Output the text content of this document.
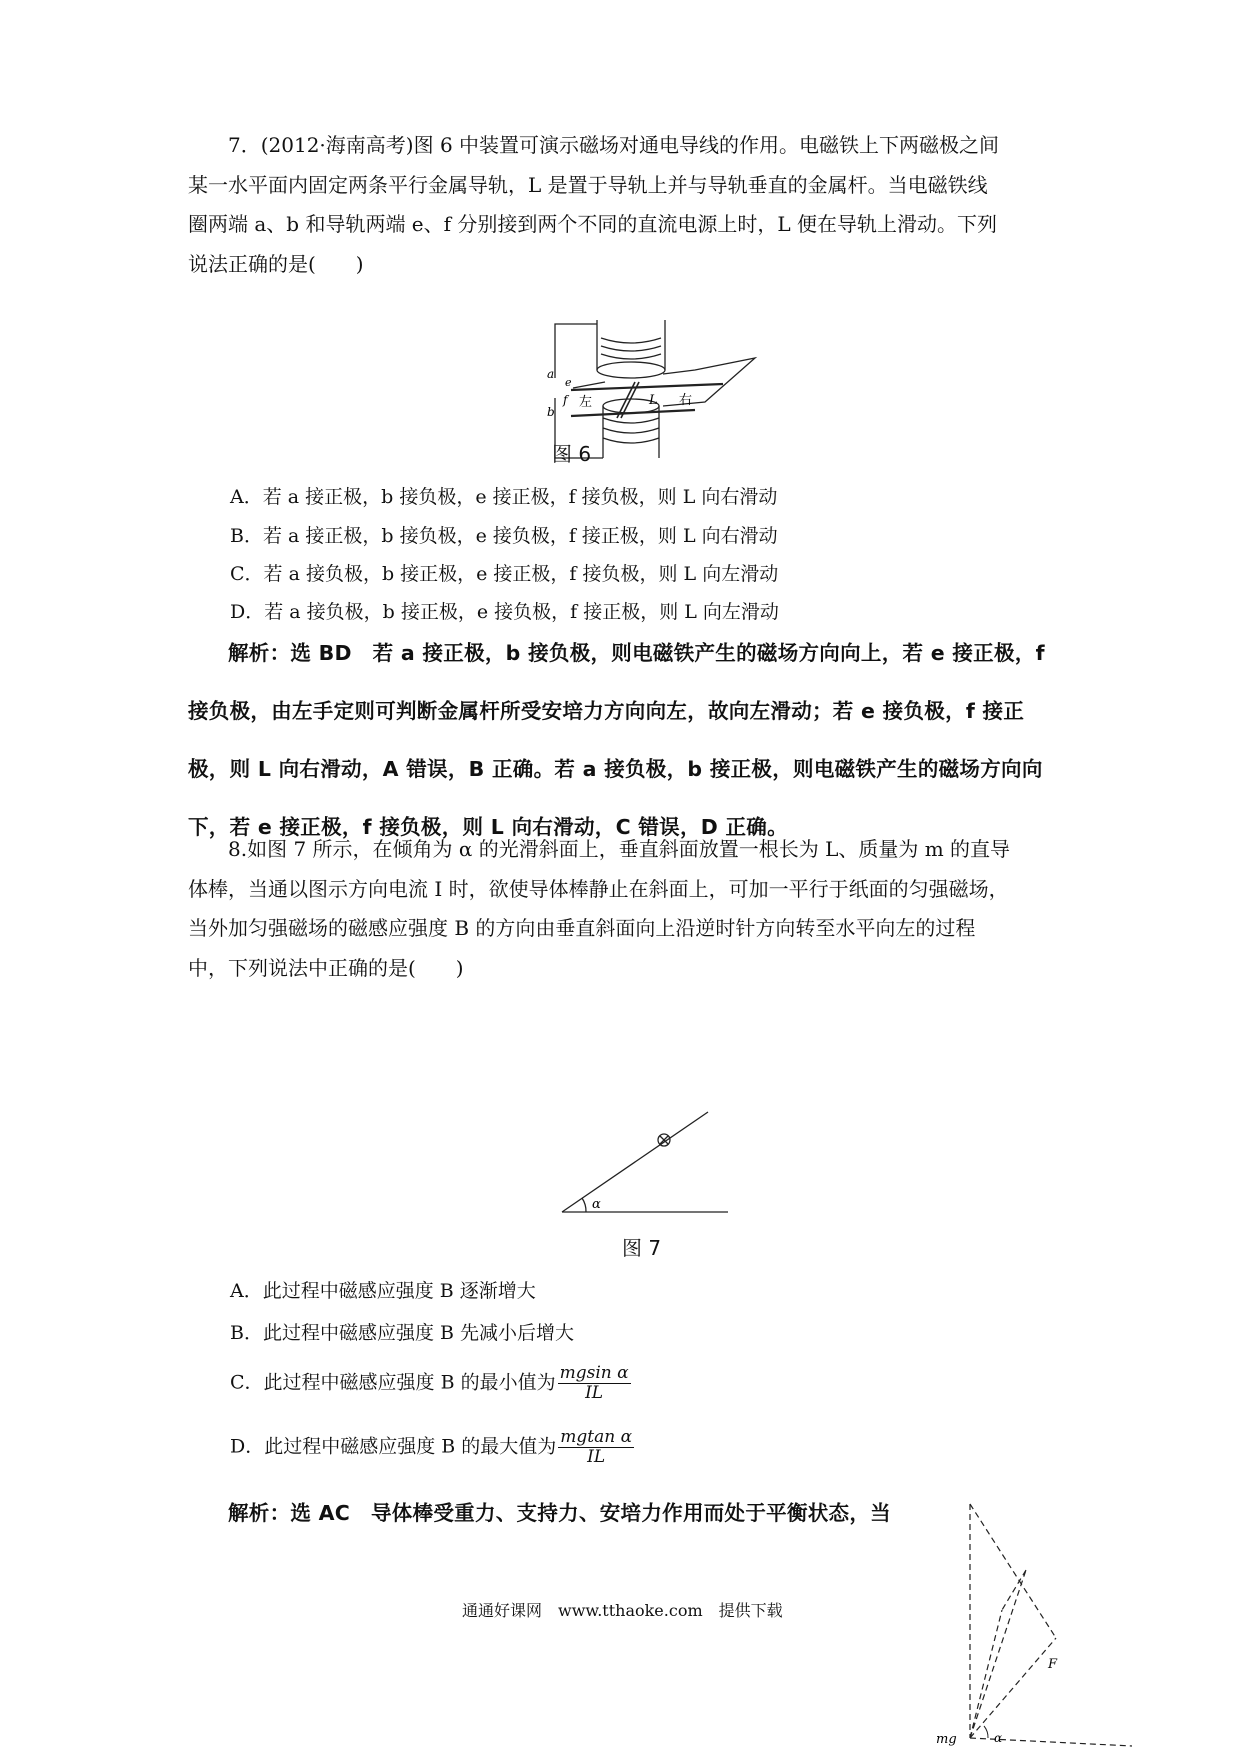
7．(2012·海南高考)图 6 中装置可演示磁场对通电导线的作用。电磁铁上下两磁极之间
某一水平面内固定两条平行金属导轨，L 是置于导轨上并与导轨垂直的金属杆。当电磁铁线
圈两端 a、b 和导轨两端 e、f 分别接到两个不同的直流电源上时，L 便在导轨上滑动。下列
说法正确的是(　　)
a
b
e
f 左	L 右
图 6
A．若 a 接正极，b 接负极，e 接正极，f 接负极，则 L 向右滑动
B．若 a 接正极，b 接负极，e 接负极，f 接正极，则 L 向右滑动
C．若 a 接负极，b 接正极，e 接正极，f 接负极，则 L 向左滑动
D．若 a 接负极，b 接正极，e 接负极，f 接正极，则 L 向左滑动
解析：选 BD　若 a 接正极，b 接负极，则电磁铁产生的磁场方向向上，若 e 接正极，f
接负极，由左手定则可判断金属杆所受安培力方向向左，故向左滑动；若 e 接负极，f 接正
极，则 L 向右滑动，A 错误，B 正确。若 a 接负极，b 接正极，则电磁铁产生的磁场方向向
下，若 e 接正极，f 接负极，则 L 向右滑动，C 错误，D 正确。
8.如图 7 所示，在倾角为 α 的光滑斜面上，垂直斜面放置一根长为 L、质量为 m 的直导
体棒，当通以图示方向电流 I 时，欲使导体棒静止在斜面上，可加一平行于纸面的匀强磁场，
当外加匀强磁场的磁感应强度 B 的方向由垂直斜面向上沿逆时针方向转至水平向左的过程
中，下列说法中正确的是(　　)
α
图 7
A．此过程中磁感应强度 B 逐渐增大
B．此过程中磁感应强度 B 先减小后增大
C．此过程中磁感应强度 B 的最小值为 $\frac{\text{mgsin α}}{IL}$
D．此过程中磁感应强度 B 的最大值为 $\frac{\text{mgtan α}}{IL}$
解析：选 AC　导体棒受重力、支持力、安培力作用而处于平衡状态，当
mg
F
α
通通好课网　www.tthaoke.com　提供下载
